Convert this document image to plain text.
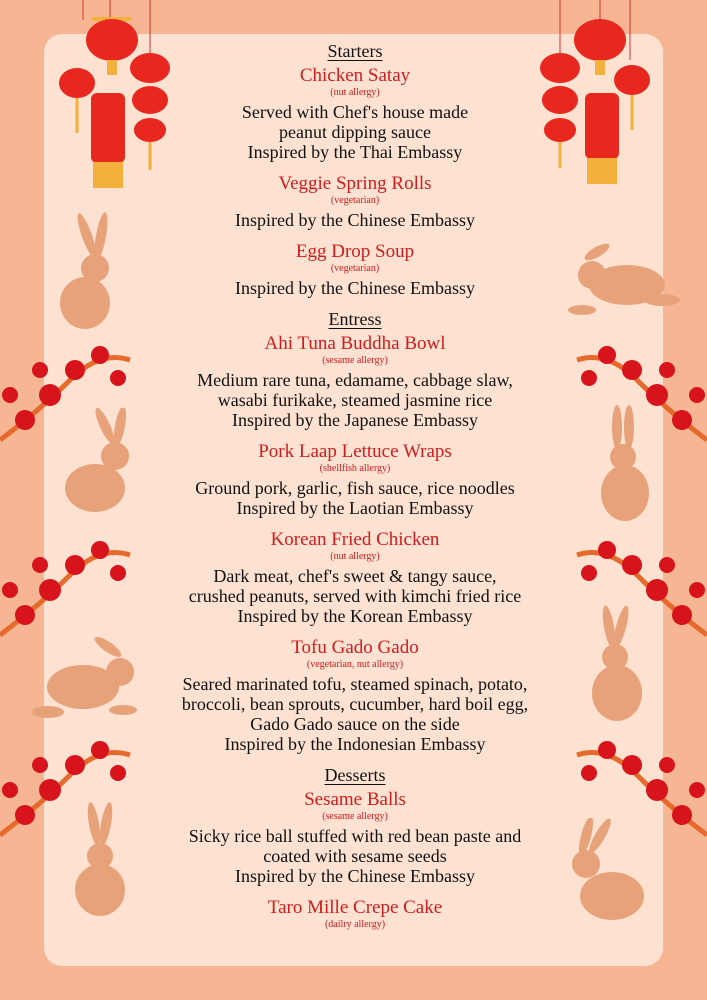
Starters
Chicken Satay
(nut allergy)
Served with Chef's house made
peanut dipping sauce
Inspired by the Thai Embassy
Veggie Spring Rolls
(vegetarian)
Inspired by the Chinese Embassy
Egg Drop Soup
(vegetarian)
Inspired by the Chinese Embassy
Entress
Ahi Tuna Buddha Bowl
(sesame allergy)
Medium rare tuna, edamame, cabbage slaw,
wasabi furikake, steamed jasmine rice
Inspired by the Japanese Embassy
Pork Laap Lettuce Wraps
(shellfish allergy)
Ground pork, garlic, fish sauce, rice noodles
Inspired by the Laotian Embassy
Korean Fried Chicken
(nut allergy)
Dark meat, chef's sweet & tangy sauce,
crushed peanuts, served with kimchi fried rice
Inspired by the Korean Embassy
Tofu Gado Gado
(vegetarian, nut allergy)
Seared marinated tofu, steamed spinach, potato,
broccoli, bean sprouts, cucumber, hard boil egg,
Gado Gado sauce on the side
Inspired by the Indonesian Embassy
Desserts
Sesame Balls
(sesame allergy)
Sicky rice ball stuffed with red bean paste and
coated with sesame seeds
Inspired by the Chinese Embassy
Taro Mille Crepe Cake
(dailry allergy)
